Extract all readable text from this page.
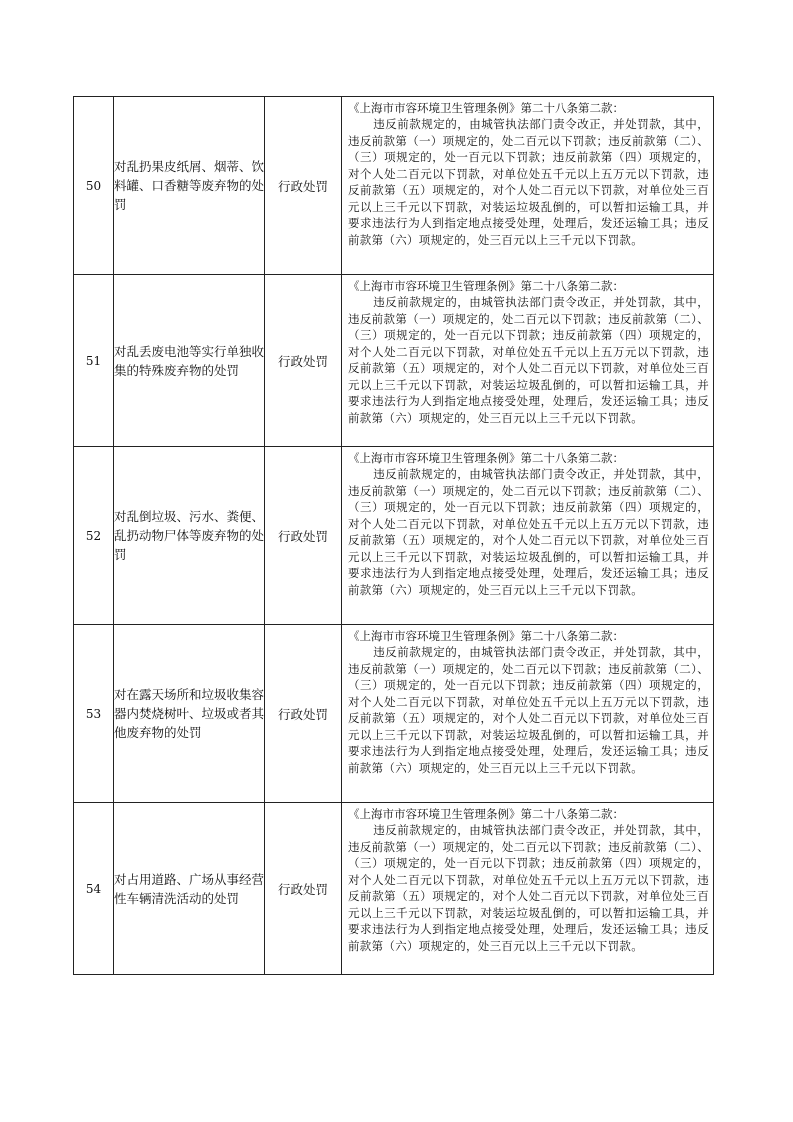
50	对乱扔果皮纸屑、烟蒂、饮料罐、口香糖等废弃物的处罚	行政处罚	《上海市市容环境卫生管理条例》第二十八条第二款：
违反前款规定的，由城管执法部门责令改正，并处罚款，其中，违反前款第（一）项规定的，处二百元以下罚款；违反前款第（二）、（三）项规定的，处一百元以下罚款；违反前款第（四）项规定的，对个人处二百元以下罚款，对单位处五千元以上五万元以下罚款，违反前款第（五）项规定的，对个人处二百元以下罚款，对单位处三百元以上三千元以下罚款，对装运垃圾乱倒的，可以暂扣运输工具，并要求违法行为人到指定地点接受处理，处理后，发还运输工具；违反前款第（六）项规定的，处三百元以上三千元以下罚款。

51	对乱丢废电池等实行单独收集的特殊废弃物的处罚	行政处罚	《上海市市容环境卫生管理条例》第二十八条第二款：
违反前款规定的，由城管执法部门责令改正，并处罚款，其中，违反前款第（一）项规定的，处二百元以下罚款；违反前款第（二）、（三）项规定的，处一百元以下罚款；违反前款第（四）项规定的，对个人处二百元以下罚款，对单位处五千元以上五万元以下罚款，违反前款第（五）项规定的，对个人处二百元以下罚款，对单位处三百元以上三千元以下罚款，对装运垃圾乱倒的，可以暂扣运输工具，并要求违法行为人到指定地点接受处理，处理后，发还运输工具；违反前款第（六）项规定的，处三百元以上三千元以下罚款。

52	对乱倒垃圾、污水、粪便、乱扔动物尸体等废弃物的处罚	行政处罚	《上海市市容环境卫生管理条例》第二十八条第二款：
违反前款规定的，由城管执法部门责令改正，并处罚款，其中，违反前款第（一）项规定的，处二百元以下罚款；违反前款第（二）、（三）项规定的，处一百元以下罚款；违反前款第（四）项规定的，对个人处二百元以下罚款，对单位处五千元以上五万元以下罚款，违反前款第（五）项规定的，对个人处二百元以下罚款，对单位处三百元以上三千元以下罚款，对装运垃圾乱倒的，可以暂扣运输工具，并要求违法行为人到指定地点接受处理，处理后，发还运输工具；违反前款第（六）项规定的，处三百元以上三千元以下罚款。

53	对在露天场所和垃圾收集容器内焚烧树叶、垃圾或者其他废弃物的处罚	行政处罚	《上海市市容环境卫生管理条例》第二十八条第二款：
违反前款规定的，由城管执法部门责令改正，并处罚款，其中，违反前款第（一）项规定的，处二百元以下罚款；违反前款第（二）、（三）项规定的，处一百元以下罚款；违反前款第（四）项规定的，对个人处二百元以下罚款，对单位处五千元以上五万元以下罚款，违反前款第（五）项规定的，对个人处二百元以下罚款，对单位处三百元以上三千元以下罚款，对装运垃圾乱倒的，可以暂扣运输工具，并要求违法行为人到指定地点接受处理，处理后，发还运输工具；违反前款第（六）项规定的，处三百元以上三千元以下罚款。

54	对占用道路、广场从事经营性车辆清洗活动的处罚	行政处罚	《上海市市容环境卫生管理条例》第二十八条第二款：
违反前款规定的，由城管执法部门责令改正，并处罚款，其中，违反前款第（一）项规定的，处二百元以下罚款；违反前款第（二）、（三）项规定的，处一百元以下罚款；违反前款第（四）项规定的，对个人处二百元以下罚款，对单位处五千元以上五万元以下罚款，违反前款第（五）项规定的，对个人处二百元以下罚款，对单位处三百元以上三千元以下罚款，对装运垃圾乱倒的，可以暂扣运输工具，并要求违法行为人到指定地点接受处理，处理后，发还运输工具；违反前款第（六）项规定的，处三百元以上三千元以下罚款。
